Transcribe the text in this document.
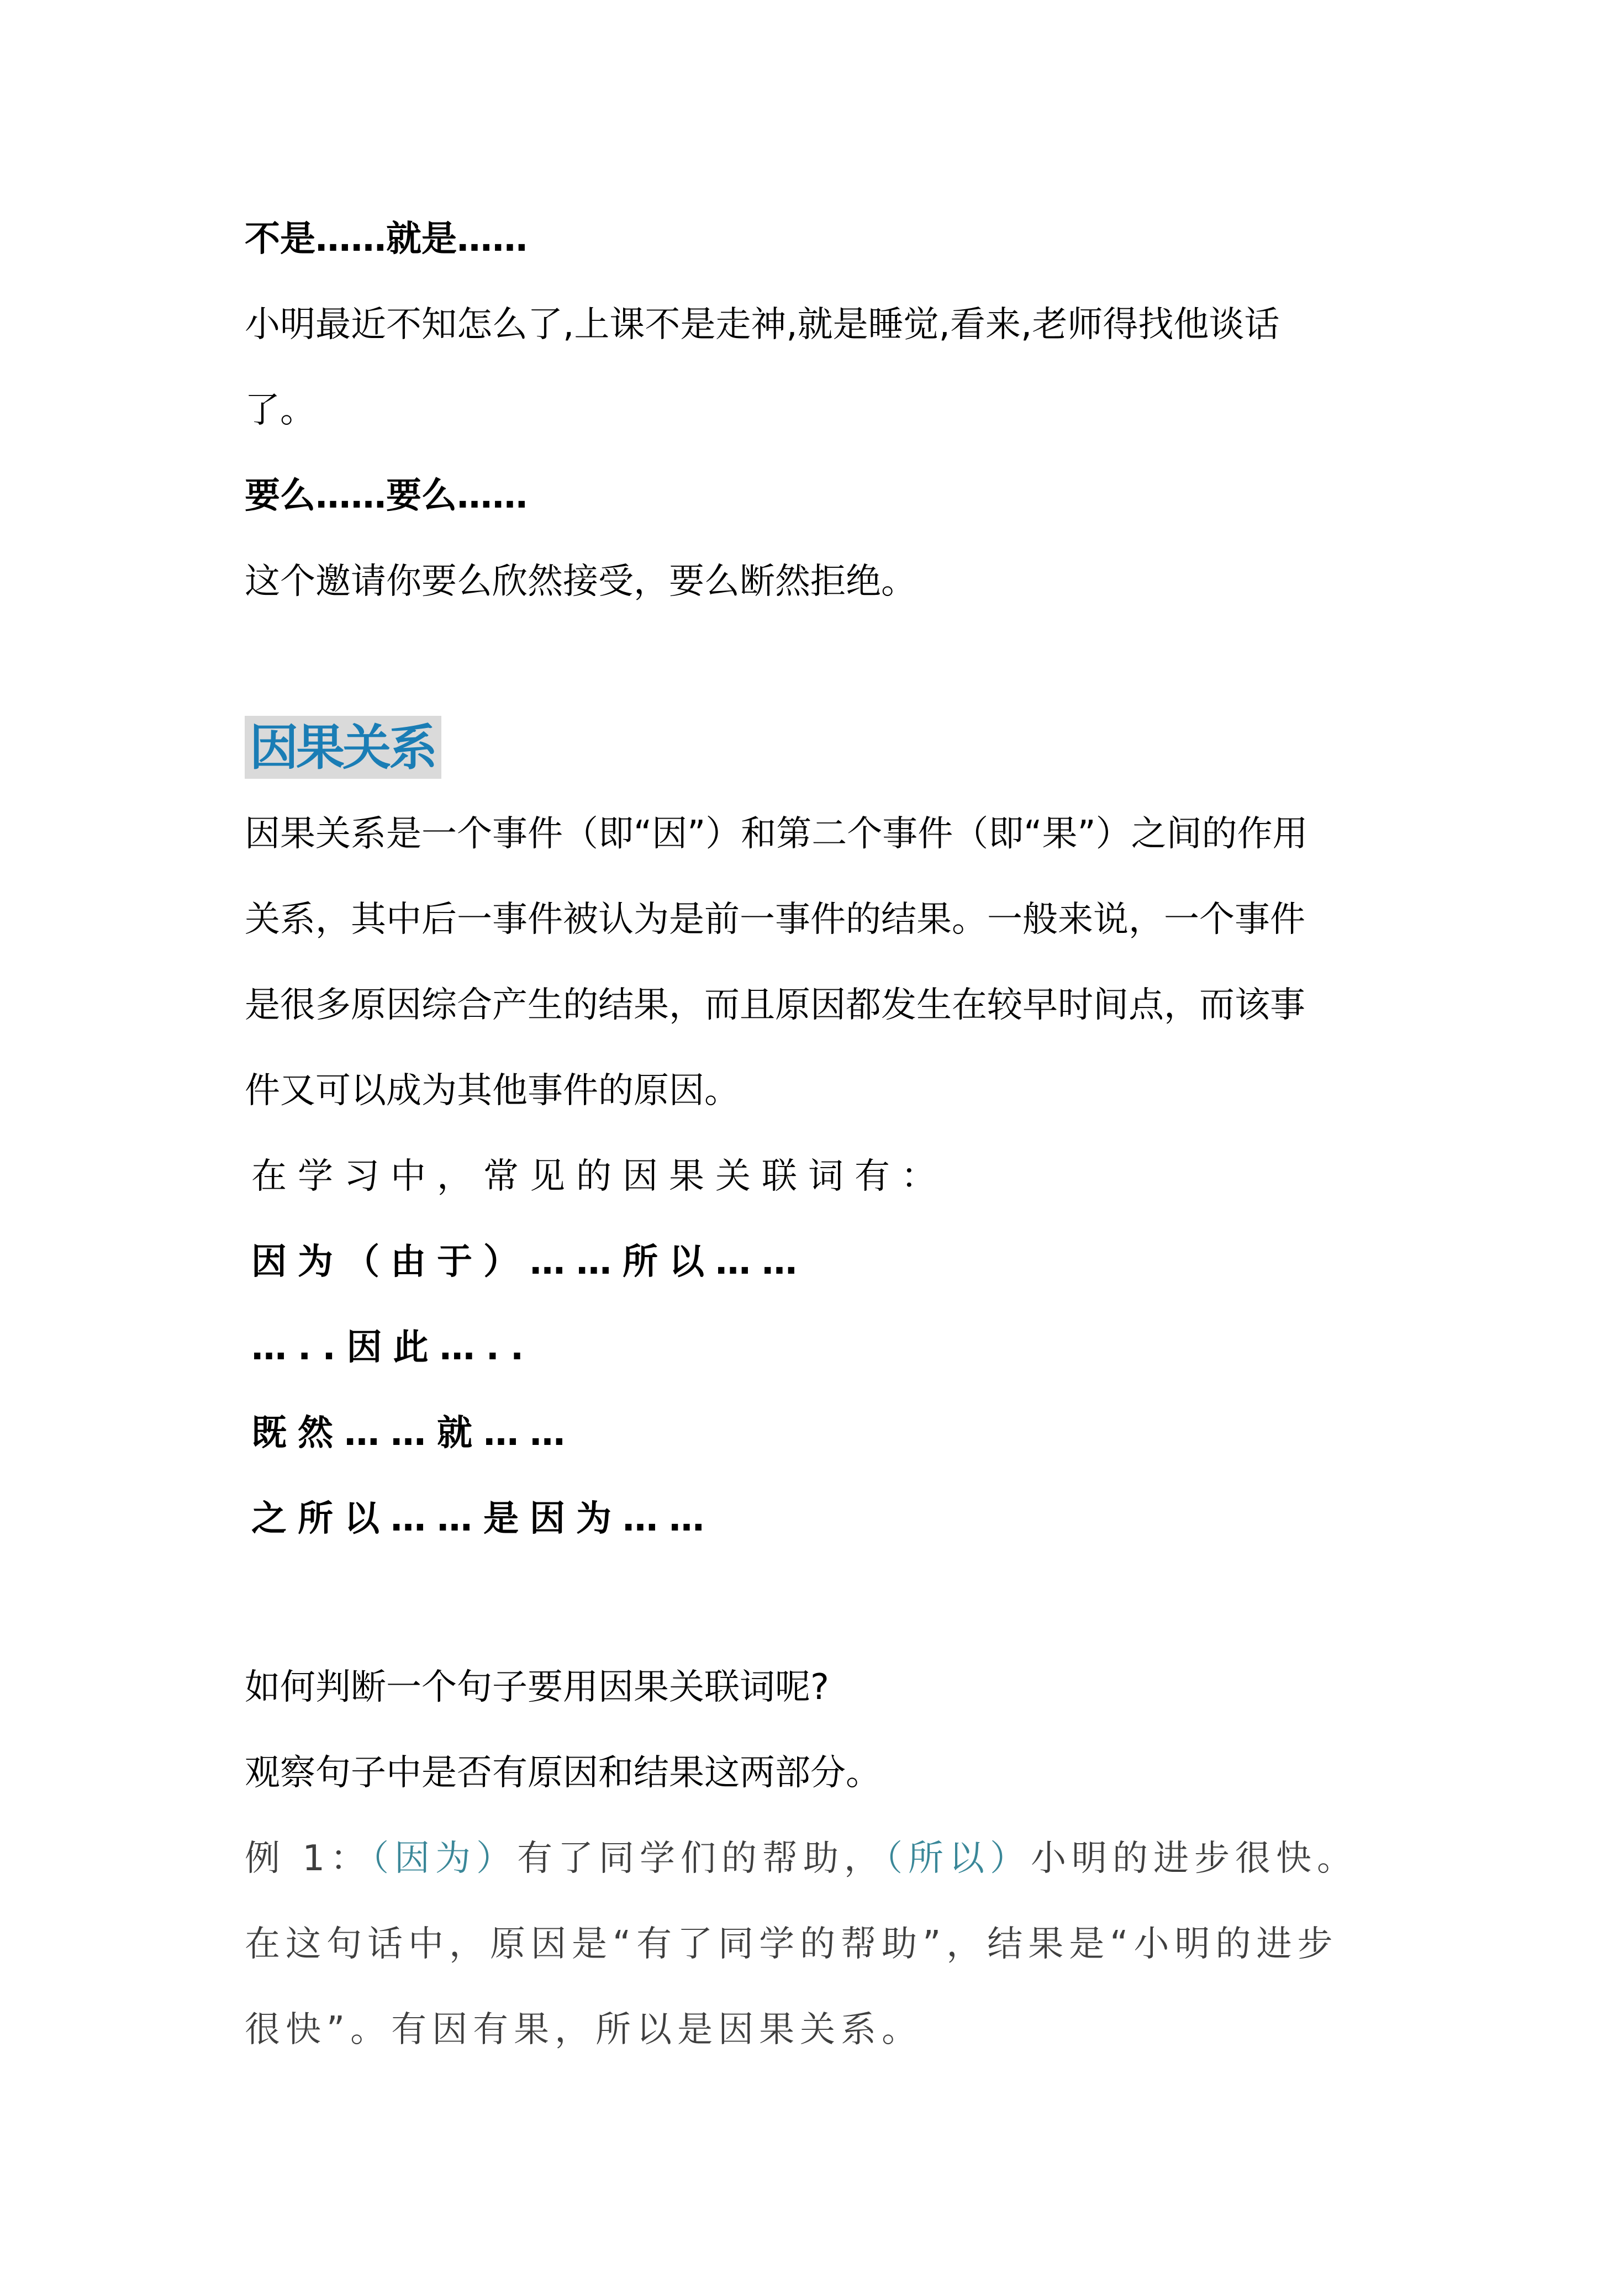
不是……就是……
小明最近不知怎么了,上课不是走神,就是睡觉,看来,老师得找他谈话
了。
要么……要么……
这个邀请你要么欣然接受，要么断然拒绝。
因果关系
因果关系是一个事件（即“因”）和第二个事件（即“果”）之间的作用
关系，其中后一事件被认为是前一事件的结果。一般来说，一个事件
是很多原因综合产生的结果，而且原因都发生在较早时间点，而该事
件又可以成为其他事件的原因。
在学习中，常见的因果关联词有：
因为（由于）……所以……
…..因此…..
既然……就……
之所以……是因为……
如何判断一个句子要用因果关联词呢?
观察句子中是否有原因和结果这两部分。
例 1：（因为）有了同学们的帮助，（所以）小明的进步很快。
在这句话中，原因是“有了同学的帮助”，结果是“小明的进步
很快”。有因有果，所以是因果关系。
